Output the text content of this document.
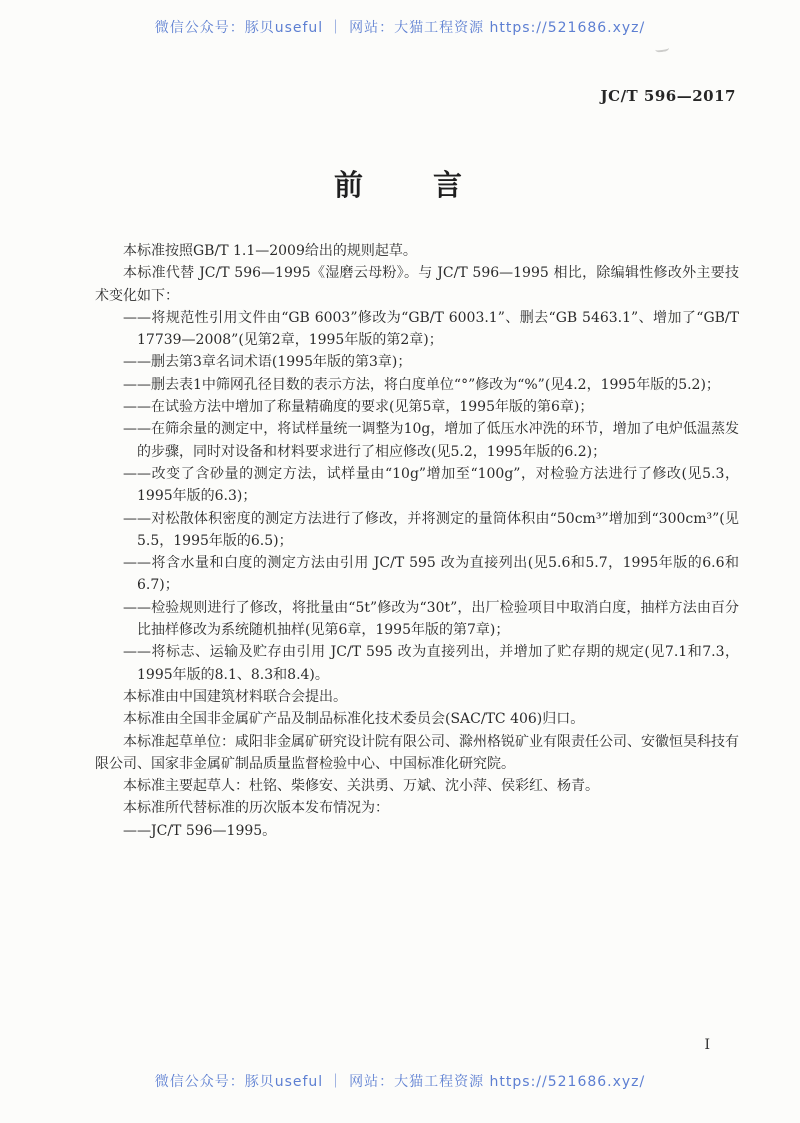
微信公众号：豚贝useful ｜ 网站：大猫工程资源 https://521686.xyz/
JC/T 596—2017
前　　言

本标准按照GB/T 1.1—2009给出的规则起草。

本标准代替 JC/T 596—1995《湿磨云母粉》。与 JC/T 596—1995 相比，除编辑性修改外主要技术变化如下：

——将规范性引用文件由“GB 6003”修改为“GB/T 6003.1”、删去“GB 5463.1”、增加了“GB/T 17739—2008”(见第2章，1995年版的第2章)；

——删去第3章名词术语(1995年版的第3章)；

——删去表1中筛网孔径目数的表示方法，将白度单位“°”修改为“%”(见4.2，1995年版的5.2)；

——在试验方法中增加了称量精确度的要求(见第5章，1995年版的第6章)；

——在筛余量的测定中，将试样量统一调整为10g，增加了低压水冲洗的环节，增加了电炉低温蒸发的步骤，同时对设备和材料要求进行了相应修改(见5.2，1995年版的6.2)；

——改变了含砂量的测定方法，试样量由“10g”增加至“100g”，对检验方法进行了修改(见5.3，1995年版的6.3)；

——对松散体积密度的测定方法进行了修改，并将测定的量筒体积由“50cm³”增加到“300cm³”(见5.5，1995年版的6.5)；

——将含水量和白度的测定方法由引用 JC/T 595 改为直接列出(见5.6和5.7，1995年版的6.6和6.7)；

——检验规则进行了修改，将批量由“5t”修改为“30t”，出厂检验项目中取消白度，抽样方法由百分比抽样修改为系统随机抽样(见第6章，1995年版的第7章)；

——将标志、运输及贮存由引用 JC/T 595 改为直接列出，并增加了贮存期的规定(见7.1和7.3，1995年版的8.1、8.3和8.4)。

本标准由中国建筑材料联合会提出。

本标准由全国非金属矿产品及制品标准化技术委员会(SAC/TC 406)归口。

本标准起草单位：咸阳非金属矿研究设计院有限公司、滁州格锐矿业有限责任公司、安徽恒昊科技有限公司、国家非金属矿制品质量监督检验中心、中国标准化研究院。

本标准主要起草人：杜铭、柴修安、关洪勇、万斌、沈小萍、侯彩红、杨青。

本标准所代替标准的历次版本发布情况为：

——JC/T 596—1995。

I
微信公众号：豚贝useful ｜ 网站：大猫工程资源 https://521686.xyz/
